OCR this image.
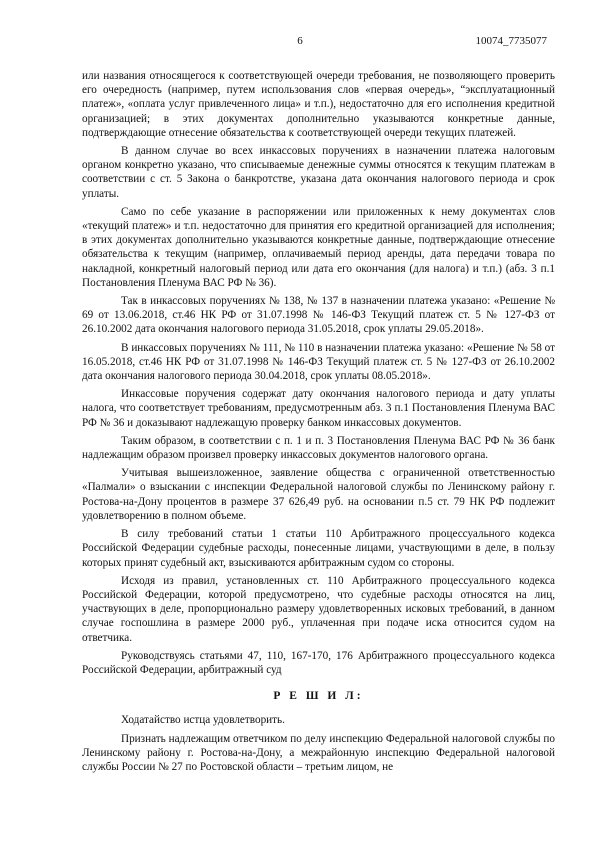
6	10074_7735077

или названия относящегося к соответствующей очереди требования, не позволяющего проверить его очередность (например, путем использования слов «первая очередь», “эксплуатационный платеж», «оплата услуг привлеченного лица» и т.п.), недостаточно для его исполнения кредитной организацией; в этих документах дополнительно указываются конкретные данные, подтверждающие отнесение обязательства к соответствующей очереди текущих платежей.

В данном случае во всех инкассовых поручениях в назначении платежа налоговым органом конкретно указано, что списываемые денежные суммы относятся к текущим платежам в соответствии с ст. 5 Закона о банкротстве, указана дата окончания налогового периода и срок уплаты.

Само по себе указание в распоряжении или приложенных к нему документах слов «текущий платеж» и т.п. недостаточно для принятия его кредитной организацией для исполнения; в этих документах дополнительно указываются конкретные данные, подтверждающие отнесение обязательства к текущим (например, оплачиваемый период аренды, дата передачи товара по накладной, конкретный налоговый период или дата его окончания (для налога) и т.п.) (абз. 3 п.1 Постановления Пленума ВАС РФ № 36).

Так в инкассовых поручениях № 138, № 137 в назначении платежа указано: «Решение № 69 от 13.06.2018, ст.46 НК РФ от 31.07.1998 № 146-ФЗ Текущий платеж ст. 5 № 127-ФЗ от 26.10.2002 дата окончания налогового периода 31.05.2018, срок уплаты 29.05.2018».

В инкассовых поручениях № 111, № 110 в назначении платежа указано: «Решение № 58 от 16.05.2018, ст.46 НК РФ от 31.07.1998 № 146-ФЗ Текущий платеж ст. 5 № 127-ФЗ от 26.10.2002 дата окончания налогового периода 30.04.2018, срок уплаты 08.05.2018».

Инкассовые поручения содержат дату окончания налогового периода и дату уплаты налога, что соответствует требованиям, предусмотренным абз. 3 п.1 Постановления Пленума ВАС РФ № 36 и доказывают надлежащую проверку банком инкассовых документов.

Таким образом, в соответствии с п. 1 и п. 3 Постановления Пленума ВАС РФ № 36 банк надлежащим образом произвел проверку инкассовых документов налогового органа.

Учитывая вышеизложенное, заявление общества с ограниченной ответственностью «Палмали» о взыскании с инспекции Федеральной налоговой службы по Ленинскому району г. Ростова-на-Дону процентов в размере 37 626,49 руб. на основании п.5 ст. 79 НК РФ подлежит удовлетворению в полном объеме.

В силу требований статьи 1 статьи 110 Арбитражного процессуального кодекса Российской Федерации судебные расходы, понесенные лицами, участвующими в деле, в пользу которых принят судебный акт, взыскиваются арбитражным судом со стороны.

Исходя из правил, установленных ст. 110 Арбитражного процессуального кодекса Российской Федерации, которой предусмотрено, что судебные расходы относятся на лиц, участвующих в деле, пропорционально размеру удовлетворенных исковых требований, в данном случае госпошлина в размере 2000 руб., уплаченная при подаче иска относится судом на ответчика.

Руководствуясь статьями 47, 110, 167-170, 176 Арбитражного процессуального кодекса Российской Федерации, арбитражный суд

Р Е Ш И Л:

Ходатайство истца удовлетворить.

Признать надлежащим ответчиком по делу инспекцию Федеральной налоговой службы по Ленинскому району г. Ростова-на-Дону, а межрайонную инспекцию Федеральной налоговой службы России № 27 по Ростовской области – третьим лицом, не
